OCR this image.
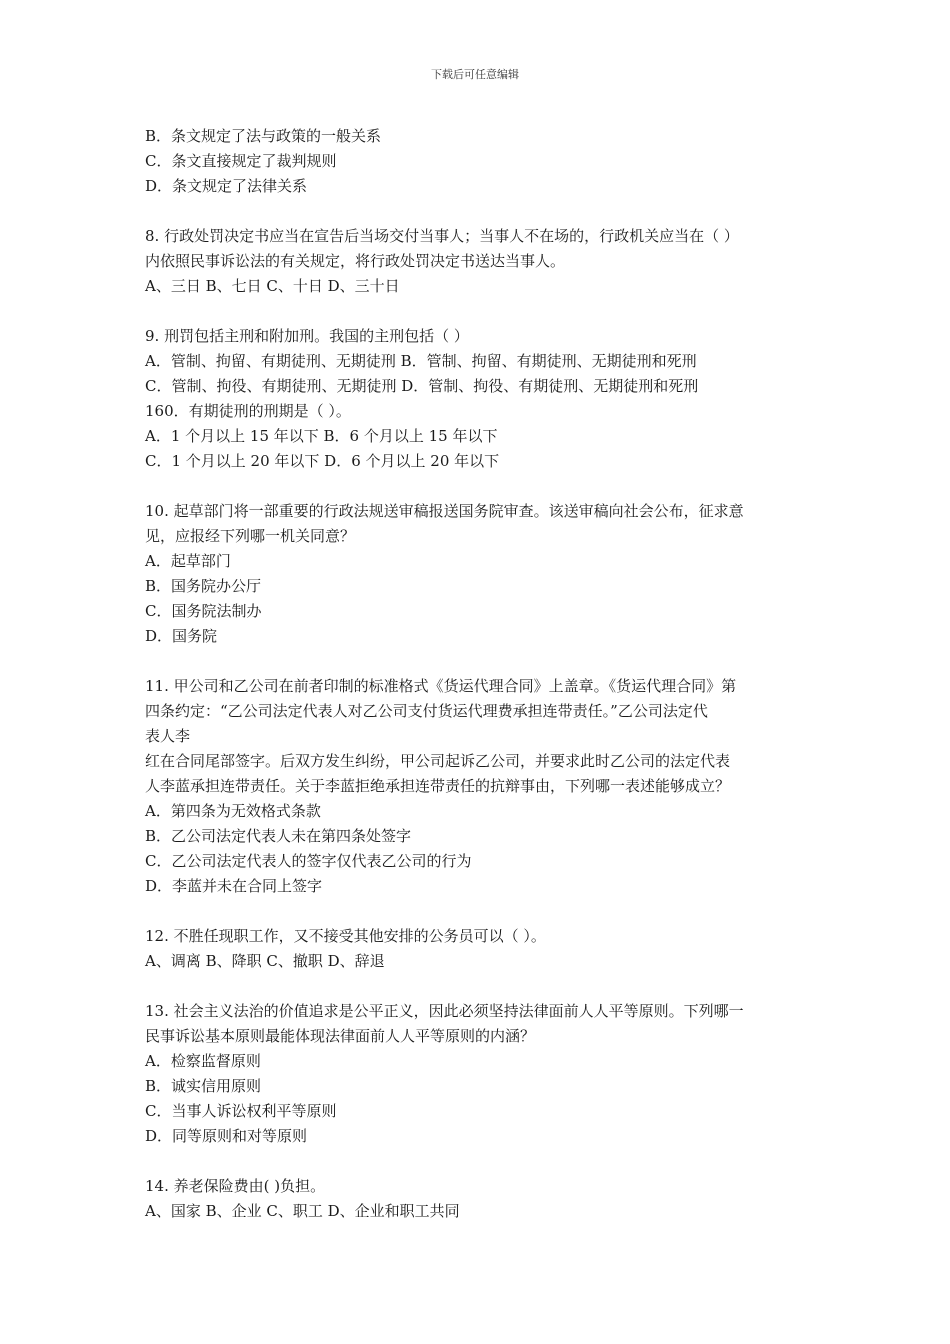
下载后可任意编辑
B．条文规定了法与政策的一般关系
C．条文直接规定了裁判规则
D．条文规定了法律关系
8. 行政处罚决定书应当在宣告后当场交付当事人；当事人不在场的，行政机关应当在（ ）
内依照民事诉讼法的有关规定，将行政处罚决定书送达当事人。
A、三日 B、七日 C、十日 D、三十日
9. 刑罚包括主刑和附加刑。我国的主刑包括（ ）
A．管制、拘留、有期徒刑、无期徒刑 B．管制、拘留、有期徒刑、无期徒刑和死刑
C．管制、拘役、有期徒刑、无期徒刑 D．管制、拘役、有期徒刑、无期徒刑和死刑
160．有期徒刑的刑期是（ ）。
A．1 个月以上 15 年以下 B．6 个月以上 15 年以下
C．1 个月以上 20 年以下 D．6 个月以上 20 年以下
10. 起草部门将一部重要的行政法规送审稿报送国务院审查。该送审稿向社会公布，征求意
见，应报经下列哪一机关同意？
A．起草部门
B．国务院办公厅
C．国务院法制办
D．国务院
11. 甲公司和乙公司在前者印制的标准格式《货运代理合同》上盖章。《货运代理合同》第
四条约定：“乙公司法定代表人对乙公司支付货运代理费承担连带责任。”乙公司法定代
表人李
红在合同尾部签字。后双方发生纠纷，甲公司起诉乙公司，并要求此时乙公司的法定代表
人李蓝承担连带责任。关于李蓝拒绝承担连带责任的抗辩事由，下列哪一表述能够成立？
A．第四条为无效格式条款
B．乙公司法定代表人未在第四条处签字
C．乙公司法定代表人的签字仅代表乙公司的行为
D．李蓝并未在合同上签字
12. 不胜任现职工作，又不接受其他安排的公务员可以（ ）。
A、调离 B、降职 C、撤职 D、辞退
13. 社会主义法治的价值追求是公平正义，因此必须坚持法律面前人人平等原则。下列哪一
民事诉讼基本原则最能体现法律面前人人平等原则的内涵？
A．检察监督原则
B．诚实信用原则
C．当事人诉讼权利平等原则
D．同等原则和对等原则
14. 养老保险费由( )负担。
A、国家 B、企业 C、职工 D、企业和职工共同
